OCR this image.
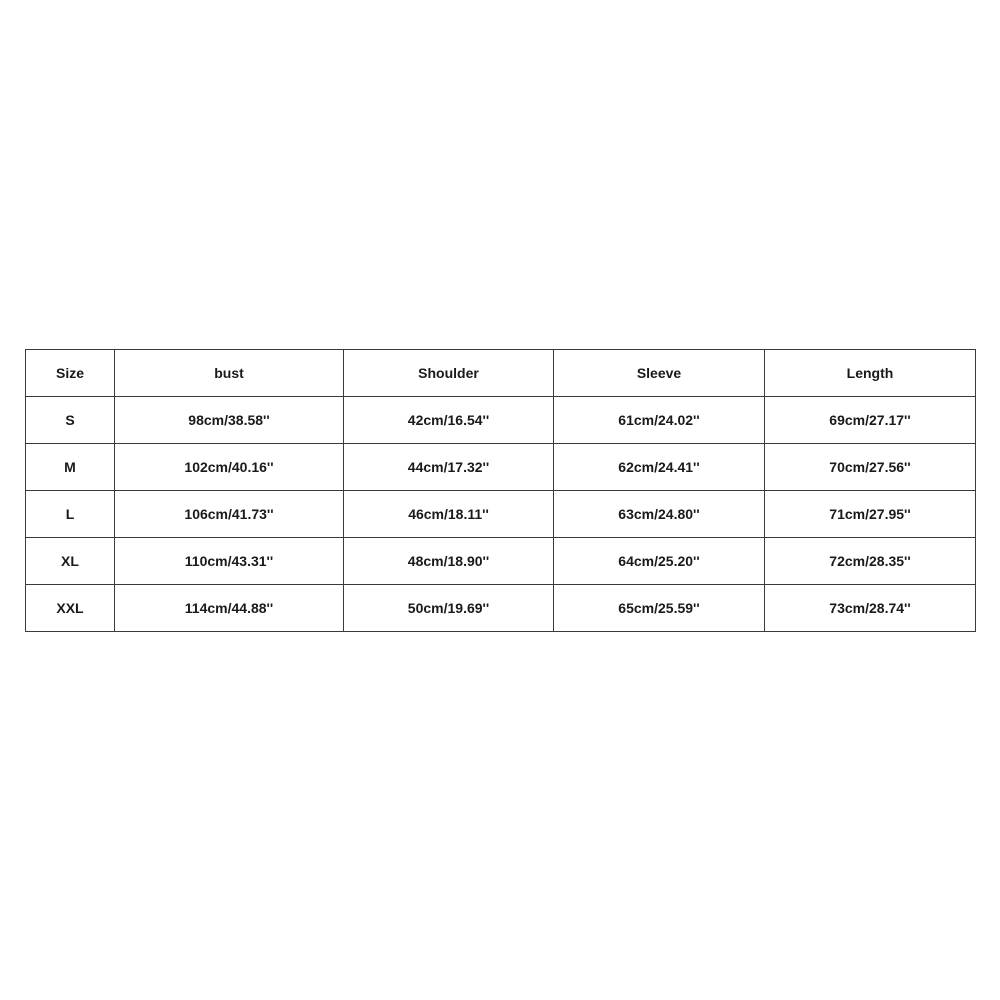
Size	bust	Shoulder	Sleeve	Length
S	98cm/38.58''	42cm/16.54''	61cm/24.02''	69cm/27.17''
M	102cm/40.16''	44cm/17.32''	62cm/24.41''	70cm/27.56''
L	106cm/41.73''	46cm/18.11''	63cm/24.80''	71cm/27.95''
XL	110cm/43.31''	48cm/18.90''	64cm/25.20''	72cm/28.35''
XXL	114cm/44.88''	50cm/19.69''	65cm/25.59''	73cm/28.74''
